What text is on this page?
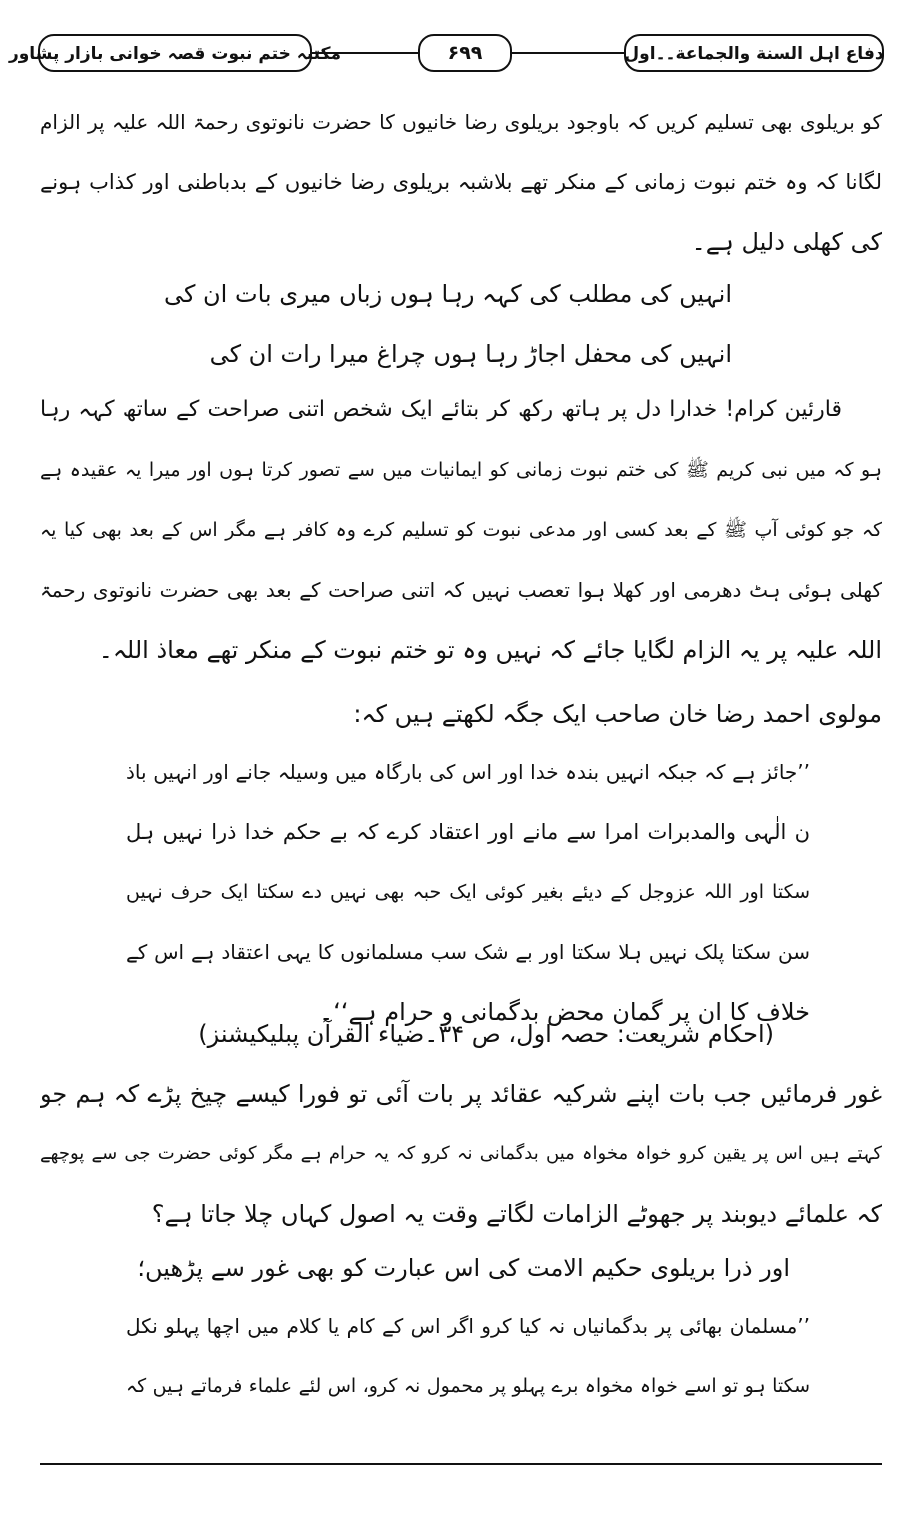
دفاع اہل السنة والجماعة۔۔اول
۶۹۹
مکتبہ ختم نبوت قصہ خوانی بازار پشاور
کو بریلوی بھی تسلیم کریں کہ باوجود بریلوی رضا خانیوں کا حضرت نانوتوی رحمۃ اللہ علیہ پر الزام
لگانا کہ وہ ختم نبوت زمانی کے منکر تھے بلاشبہ بریلوی رضا خانیوں کے بدباطنی اور کذاب ہونے
کی کھلی دلیل ہے۔
انہیں کی مطلب کی کہہ رہا ہوں زباں میری بات ان کی
انہیں کی محفل اجاڑ رہا ہوں چراغ میرا رات ان کی
قارئین کرام! خدارا دل پر ہاتھ رکھ کر بتائے ایک شخص اتنی صراحت کے ساتھ کہہ رہا
ہو کہ میں نبی کریم ﷺ کی ختم نبوت زمانی کو ایمانیات میں سے تصور کرتا ہوں اور میرا یہ عقیدہ ہے
کہ جو کوئی آپ ﷺ کے بعد کسی اور مدعی نبوت کو تسلیم کرے وہ کافر ہے مگر اس کے بعد بھی کیا یہ
کھلی ہوئی ہٹ دھرمی اور کھلا ہوا تعصب نہیں کہ اتنی صراحت کے بعد بھی حضرت نانوتوی رحمۃ
اللہ علیہ پر یہ الزام لگایا جائے کہ نہیں وہ تو ختم نبوت کے منکر تھے معاذ اللہ۔
مولوی احمد رضا خان صاحب ایک جگہ لکھتے ہیں کہ:
’’جائز ہے کہ جبکہ انہیں بندہ خدا اور اس کی بارگاہ میں وسیلہ جانے اور انہیں باذ
ن الٰہی والمدبرات امرا سے مانے اور اعتقاد کرے کہ بے حکم خدا ذرا نہیں ہل
سکتا اور اللہ عزوجل کے دیئے بغیر کوئی ایک حبہ بھی نہیں دے سکتا ایک حرف نہیں
سن سکتا پلک نہیں ہلا سکتا اور بے شک سب مسلمانوں کا یہی اعتقاد ہے اس کے
خلاف کا ان پر گمان محض بدگمانی و حرام ہے‘‘۔
(احکام شریعت: حصہ اول، ص ۳۴۔ضیاء القرآن پبلیکیشنز)
غور فرمائیں جب بات اپنے شرکیہ عقائد پر بات آئی تو فورا کیسے چیخ پڑے کہ ہم جو
کہتے ہیں اس پر یقین کرو خواہ مخواہ میں بدگمانی نہ کرو کہ یہ حرام ہے مگر کوئی حضرت جی سے پوچھے
کہ علمائے دیوبند پر جھوٹے الزامات لگاتے وقت یہ اصول کہاں چلا جاتا ہے؟
اور ذرا بریلوی حکیم الامت کی اس عبارت کو بھی غور سے پڑھیں؛
’’مسلمان بھائی پر بدگمانیاں نہ کیا کرو اگر اس کے کام یا کلام میں اچھا پہلو نکل
سکتا ہو تو اسے خواہ مخواہ برے پہلو پر محمول نہ کرو، اس لئے علماء فرماتے ہیں کہ
